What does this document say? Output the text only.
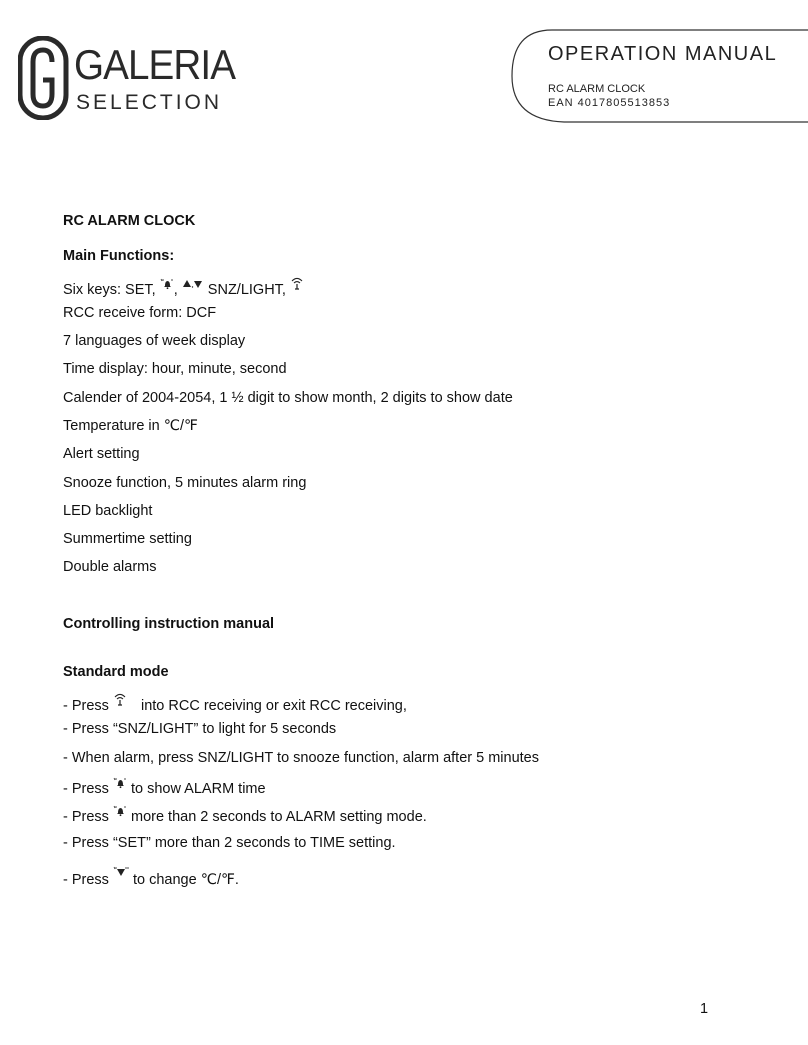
GALERIA
SELECTION
OPERATION MANUAL
RC ALARM CLOCK
EAN 4017805513853
RC ALARM CLOCK
Main Functions:
Six keys: SET, , SNZ/LIGHT,
RCC receive form: DCF
7 languages of week display
Time display: hour, minute, second
Calender of 2004-2054, 1 ½ digit to show month, 2 digits to show date
Temperature in ℃/℉
Alert setting
Snooze function, 5 minutes alarm ring
LED backlight
Summertime setting
Double alarms
Controlling instruction manual
Standard mode
- Press into RCC receiving or exit RCC receiving,
- Press “SNZ/LIGHT” to light for 5 seconds
- When alarm, press SNZ/LIGHT to snooze function, alarm after 5 minutes
- Press to show ALARM time
- Press more than 2 seconds to ALARM setting mode.
- Press “SET” more than 2 seconds to TIME setting.
- Press to change ℃/℉.
1
